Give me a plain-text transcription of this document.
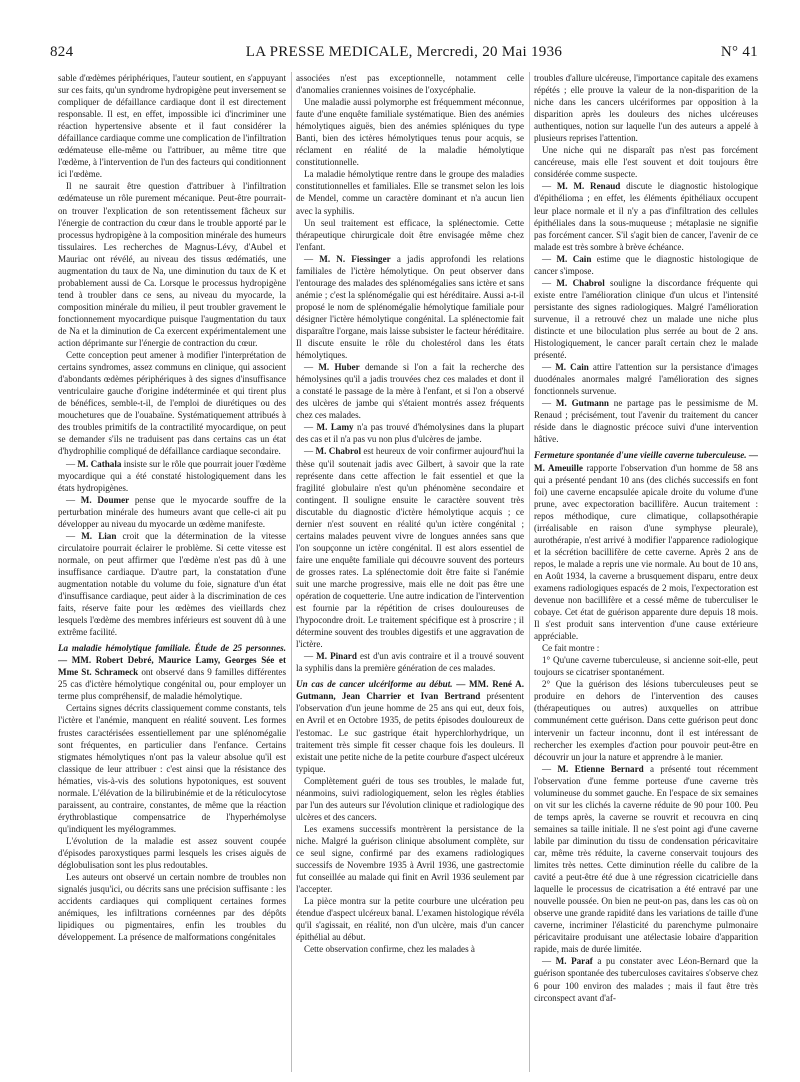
824	LA PRESSE MEDICALE, Mercredi, 20 Mai 1936	N° 41

sable d'œdèmes périphériques, l'auteur soutient, en s'appuyant sur ces faits, qu'un syndrome hydropigène peut inversement se compliquer de défaillance cardiaque dont il est directement responsable. Il est, en effet, impossible ici d'incriminer une réaction hypertensive absente et il faut considérer la défaillance cardiaque comme une complication de l'infiltration œdémateuse elle-même ou l'attribuer, au même titre que l'œdème, à l'intervention de l'un des facteurs qui conditionnent ici l'œdème.

Il ne saurait être question d'attribuer à l'infiltration œdémateuse un rôle purement mécanique. Peut-être pourrait-on trouver l'explication de son retentissement fâcheux sur l'énergie de contraction du cœur dans le trouble apporté par le processus hydropigène à la composition minérale des humeurs tissulaires. Les recherches de Magnus-Lévy, d'Aubel et Mauriac ont révélé, au niveau des tissus œdématiés, une augmentation du taux de Na, une diminution du taux de K et probablement aussi de Ca. Lorsque le processus hydropigène tend à troubler dans ce sens, au niveau du myocarde, la composition minérale du milieu, il peut troubler gravement le fonctionnement myocardique puisque l'augmentation du taux de Na et la diminution de Ca exercent expérimentalement une action déprimante sur l'énergie de contraction du cœur.

Cette conception peut amener à modifier l'interprétation de certains syndromes, assez communs en clinique, qui associent d'abondants œdèmes périphériques à des signes d'insuffisance ventriculaire gauche d'origine indéterminée et qui tirent plus de bénéfices, semble-t-il, de l'emploi de diurétiques ou des mouchetures que de l'ouabaïne. Systématiquement attribués à des troubles primitifs de la contractilité myocardique, on peut se demander s'ils ne traduisent pas dans certains cas un état d'hydrophilie compliqué de défaillance cardiaque secondaire.

— M. Cathala insiste sur le rôle que pourrait jouer l'œdème myocardique qui a été constaté histologiquement dans les états hydropigènes.

— M. Doumer pense que le myocarde souffre de la perturbation minérale des humeurs avant que celle-ci ait pu développer au niveau du myocarde un œdème manifeste.

— M. Lian croit que la détermination de la vitesse circulatoire pourrait éclairer le problème. Si cette vitesse est normale, on peut affirmer que l'œdème n'est pas dû à une insuffisance cardiaque. D'autre part, la constatation d'une augmentation notable du volume du foie, signature d'un état d'insuffisance cardiaque, peut aider à la discrimination de ces faits, réserve faite pour les œdèmes des vieillards chez lesquels l'œdème des membres inférieurs est souvent dû à une extrême facilité.

La maladie hémolytique familiale. Étude de 25 personnes. — MM. Robert Debré, Maurice Lamy, Georges Sée et Mme St. Schrameck ont observé dans 9 familles différentes 25 cas d'ictère hémolytique congénital ou, pour employer un terme plus compréhensif, de maladie hémolytique.

Certains signes décrits classiquement comme constants, tels l'ictère et l'anémie, manquent en réalité souvent. Les formes frustes caractérisées essentiellement par une splénomégalie sont fréquentes, en particulier dans l'enfance. Certains stigmates hémolytiques n'ont pas la valeur absolue qu'il est classique de leur attribuer : c'est ainsi que la résistance des hématies, vis-à-vis des solutions hypotoniques, est souvent normale. L'élévation de la bilirubinémie et de la réticulocytose paraissent, au contraire, constantes, de même que la réaction érythroblastique compensatrice de l'hyperhémolyse qu'indiquent les myélogrammes.

L'évolution de la maladie est assez souvent coupée d'épisodes paroxystiques parmi lesquels les crises aiguës de déglobulisation sont les plus redoutables.

Les auteurs ont observé un certain nombre de troubles non signalés jusqu'ici, ou décrits sans une précision suffisante : les accidents cardiaques qui compliquent certaines formes anémiques, les infiltrations cornéennes par des dépôts lipidiques ou pigmentaires, enfin les troubles du développement. La présence de malformations congénitales

associées n'est pas exceptionnelle, notamment celle d'anomalies craniennes voisines de l'oxycéphalie.

Une maladie aussi polymorphe est fréquemment méconnue, faute d'une enquête familiale systématique. Bien des anémies hémolytiques aiguës, bien des anémies spléniques du type Banti, bien des ictères hémolytiques tenus pour acquis, se réclament en réalité de la maladie hémolytique constitutionnelle.

La maladie hémolytique rentre dans le groupe des maladies constitutionnelles et familiales. Elle se transmet selon les lois de Mendel, comme un caractère dominant et n'a aucun lien avec la syphilis.

Un seul traitement est efficace, la splénectomie. Cette thérapeutique chirurgicale doit être envisagée même chez l'enfant.

— M. N. Fiessinger a jadis approfondi les relations familiales de l'ictère hémolytique. On peut observer dans l'entourage des malades des splénomégalies sans ictère et sans anémie ; c'est la splénomégalie qui est héréditaire. Aussi a-t-il proposé le nom de splénomégalie hémolytique familiale pour désigner l'ictère hémolytique congénital. La splénectomie fait disparaître l'organe, mais laisse subsister le facteur héréditaire. Il discute ensuite le rôle du cholestérol dans les états hémolytiques.

— M. Huber demande si l'on a fait la recherche des hémolysines qu'il a jadis trouvées chez ces malades et dont il a constaté le passage de la mère à l'enfant, et si l'on a observé des ulcères de jambe qui s'étaient montrés assez fréquents chez ces malades.

— M. Lamy n'a pas trouvé d'hémolysines dans la plupart des cas et il n'a pas vu non plus d'ulcères de jambe.

— M. Chabrol est heureux de voir confirmer aujourd'hui la thèse qu'il soutenait jadis avec Gilbert, à savoir que la rate représente dans cette affection le fait essentiel et que la fragilité globulaire n'est qu'un phénomène secondaire et contingent. Il souligne ensuite le caractère souvent très discutable du diagnostic d'ictère hémolytique acquis ; ce dernier n'est souvent en réalité qu'un ictère congénital ; certains malades peuvent vivre de longues années sans que l'on soupçonne un ictère congénital. Il est alors essentiel de faire une enquête familiale qui découvre souvent des porteurs de grosses rates. La splénectomie doit être faite si l'anémie suit une marche progressive, mais elle ne doit pas être une opération de coquetterie. Une autre indication de l'intervention est fournie par la répétition de crises douloureuses de l'hypocondre droit. Le traitement spécifique est à proscrire ; il détermine souvent des troubles digestifs et une aggravation de l'ictère.

— M. Pinard est d'un avis contraire et il a trouvé souvent la syphilis dans la première génération de ces malades.

Un cas de cancer ulcériforme au début. — MM. René A. Gutmann, Jean Charrier et Ivan Bertrand présentent l'observation d'un jeune homme de 25 ans qui eut, deux fois, en Avril et en Octobre 1935, de petits épisodes douloureux de l'estomac. Le suc gastrique était hyperchlorhydrique, un traitement très simple fit cesser chaque fois les douleurs. Il existait une petite niche de la petite courbure d'aspect ulcéreux typique.

Complètement guéri de tous ses troubles, le malade fut, néanmoins, suivi radiologiquement, selon les règles établies par l'un des auteurs sur l'évolution clinique et radiologique des ulcères et des cancers.

Les examens successifs montrèrent la persistance de la niche. Malgré la guérison clinique absolument complète, sur ce seul signe, confirmé par des examens radiologiques successifs de Novembre 1935 à Avril 1936, une gastrectomie fut conseillée au malade qui finit en Avril 1936 seulement par l'accepter.

La pièce montra sur la petite courbure une ulcération peu étendue d'aspect ulcéreux banal. L'examen histologique révéla qu'il s'agissait, en réalité, non d'un ulcère, mais d'un cancer épithélial au début.

Cette observation confirme, chez les malades à

troubles d'allure ulcéreuse, l'importance capitale des examens répétés ; elle prouve la valeur de la non-disparition de la niche dans les cancers ulcériformes par opposition à la disparition après les douleurs des niches ulcéreuses authentiques, notion sur laquelle l'un des auteurs a appelé à plusieurs reprises l'attention.

Une niche qui ne disparaît pas n'est pas forcément cancéreuse, mais elle l'est souvent et doit toujours être considérée comme suspecte.

— M. M. Renaud discute le diagnostic histologique d'épithélioma ; en effet, les éléments épithéliaux occupent leur place normale et il n'y a pas d'infiltration des cellules épithéliales dans la sous-muqueuse ; métaplasie ne signifie pas forcément cancer. S'il s'agit bien de cancer, l'avenir de ce malade est très sombre à brève échéance.

— M. Cain estime que le diagnostic histologique de cancer s'impose.

— M. Chabrol souligne la discordance fréquente qui existe entre l'amélioration clinique d'un ulcus et l'intensité persistante des signes radiologiques. Malgré l'amélioration survenue, il a retrouvé chez un malade une niche plus distincte et une biloculation plus serrée au bout de 2 ans. Histologiquement, le cancer paraît certain chez le malade présenté.

— M. Cain attire l'attention sur la persistance d'images duodénales anormales malgré l'amélioration des signes fonctionnels survenue.

— M. Gutmann ne partage pas le pessimisme de M. Renaud ; précisément, tout l'avenir du traitement du cancer réside dans le diagnostic précoce suivi d'une intervention hâtive.

Fermeture spontanée d'une vieille caverne tuberculeuse. — M. Ameuille rapporte l'observation d'un homme de 58 ans qui a présenté pendant 10 ans (des clichés successifs en font foi) une caverne encapsulée apicale droite du volume d'une prune, avec expectoration bacillifère. Aucun traitement : repos méthodique, cure climatique, collapsothérapie (irréalisable en raison d'une symphyse pleurale), aurothérapie, n'est arrivé à modifier l'apparence radiologique et la sécrétion bacillifère de cette caverne. Après 2 ans de repos, le malade a repris une vie normale. Au bout de 10 ans, en Août 1934, la caverne a brusquement disparu, entre deux examens radiologiques espacés de 2 mois, l'expectoration est devenue non bacillifère et a cessé même de tuberculiser le cobaye. Cet état de guérison apparente dure depuis 18 mois. Il s'est produit sans intervention d'une cause extérieure appréciable.

Ce fait montre :

1° Qu'une caverne tuberculeuse, si ancienne soit-elle, peut toujours se cicatriser spontanément.

2° Que la guérison des lésions tuberculeuses peut se produire en dehors de l'intervention des causes (thérapeutiques ou autres) auxquelles on attribue communément cette guérison. Dans cette guérison peut donc intervenir un facteur inconnu, dont il est intéressant de rechercher les exemples d'action pour pouvoir peut-être en découvrir un jour la nature et apprendre à le manier.

— M. Etienne Bernard a présenté tout récemment l'observation d'une femme porteuse d'une caverne très volumineuse du sommet gauche. En l'espace de six semaines on vit sur les clichés la caverne réduite de 90 pour 100. Peu de temps après, la caverne se rouvrit et recouvra en cinq semaines sa taille initiale. Il ne s'est point agi d'une caverne labile par diminution du tissu de condensation péricavitaire car, même très réduite, la caverne conservait toujours des limites très nettes. Cette diminution réelle du calibre de la cavité a peut-être été due à une régression cicatricielle dans laquelle le processus de cicatrisation a été entravé par une nouvelle poussée. On bien ne peut-on pas, dans les cas où on observe une grande rapidité dans les variations de taille d'une caverne, incriminer l'élasticité du parenchyme pulmonaire péricavitaire produisant une atélectasie lobaire d'apparition rapide, mais de durée limitée.

— M. Paraf a pu constater avec Léon-Bernard que la guérison spontanée des tuberculoses cavitaires s'observe chez 6 pour 100 environ des malades ; mais il faut être très circonspect avant d'af-
